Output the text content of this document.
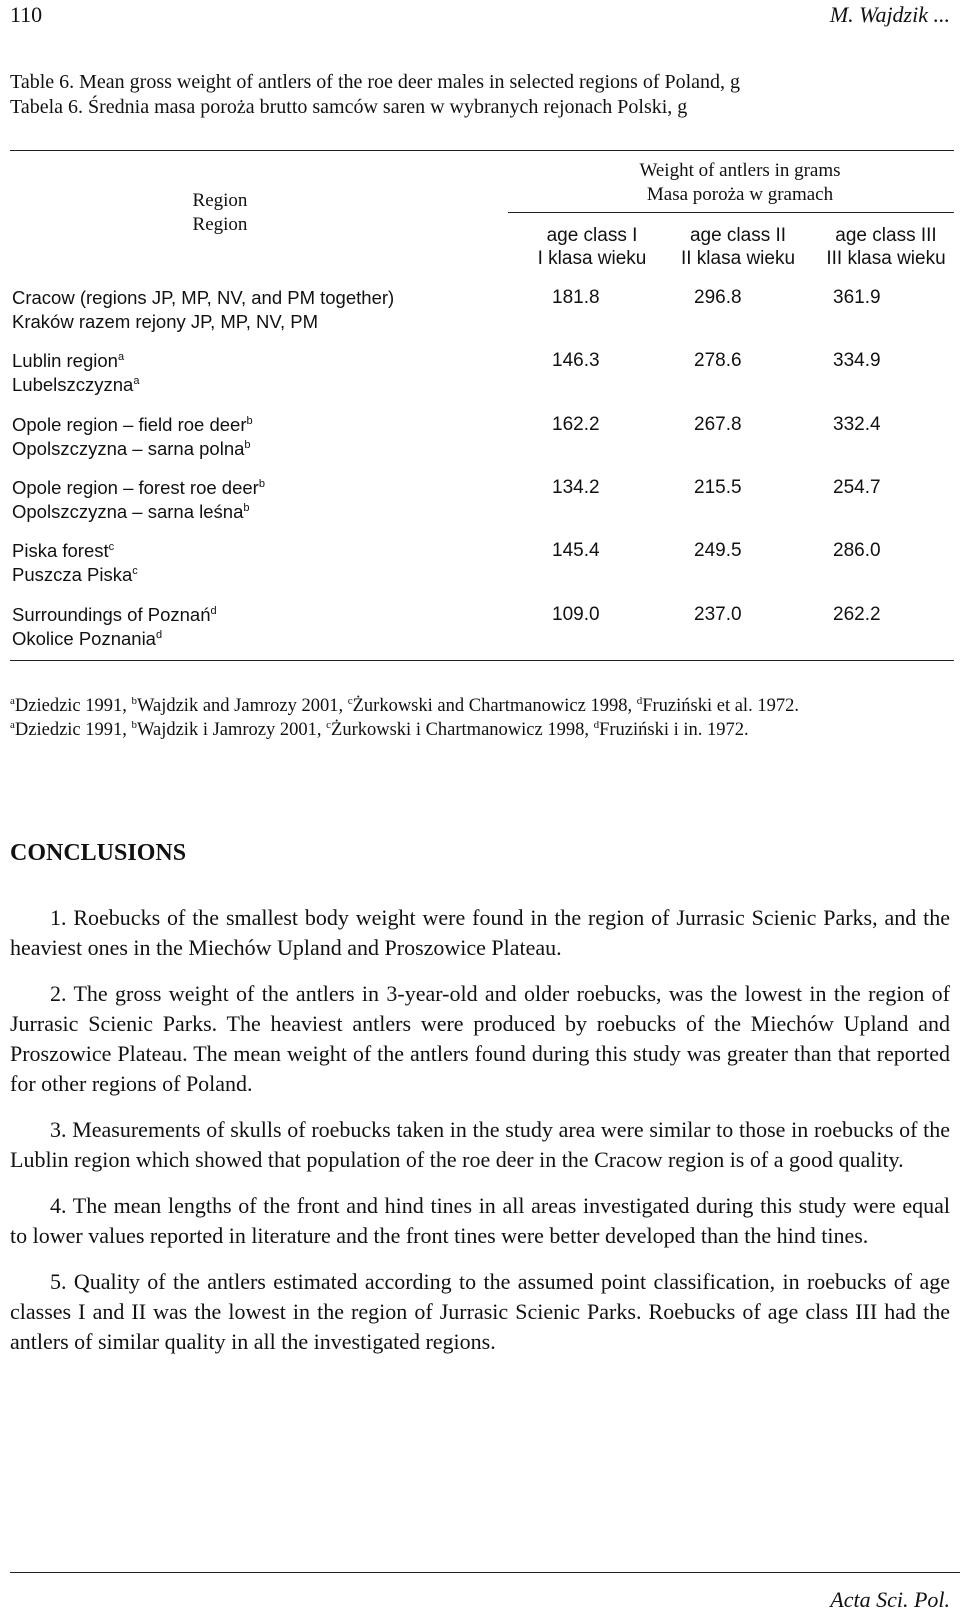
110	M. Wajdzik ...
Table 6. Mean gross weight of antlers of the roe deer males in selected regions of Poland, g
Tabela 6. Średnia masa poroża brutto samców saren w wybranych rejonach Polski, g
Region
Region
Weight of antlers in grams
Masa poroża w gramach
age class I
I klasa wieku
age class II
II klasa wieku
age class III
III klasa wieku
Cracow (regions JP, MP, NV, and PM together)
Kraków razem rejony JP, MP, NV, PM
181.8	296.8	361.9
Lublin region$^a$
Lubelszczyzna$^a$
146.3	278.6	334.9
Opole region – field roe deer$^b$
Opolszczyzna – sarna polna$^b$
162.2	267.8	332.4
Opole region – forest roe deer$^b$
Opolszczyzna – sarna leśna$^b$
134.2	215.5	254.7
Piska forest$^c$
Puszcza Piska$^c$
145.4	249.5	286.0
Surroundings of Poznań$^d$
Okolice Poznania$^d$
109.0	237.0	262.2
$^a$Dziedzic 1991, $^b$Wajdzik and Jamrozy 2001, $^c$Żurkowski and Chartmanowicz 1998, $^d$Fruziński et al. 1972.
$^a$Dziedzic 1991, $^b$Wajdzik i Jamrozy 2001, $^c$Żurkowski i Chartmanowicz 1998, $^d$Fruziński i in. 1972.
CONCLUSIONS

1. Roebucks of the smallest body weight were found in the region of Jurrasic Scienic Parks, and the heaviest ones in the Miechów Upland and Proszowice Plateau.

2. The gross weight of the antlers in 3-year-old and older roebucks, was the lowest in the region of Jurrasic Scienic Parks. The heaviest antlers were produced by roebucks of the Miechów Upland and Proszowice Plateau. The mean weight of the antlers found during this study was greater than that reported for other regions of Poland.

3. Measurements of skulls of roebucks taken in the study area were similar to those in roebucks of the Lublin region which showed that population of the roe deer in the Cracow region is of a good quality.

4. The mean lengths of the front and hind tines in all areas investigated during this study were equal to lower values reported in literature and the front tines were better developed than the hind tines.

5. Quality of the antlers estimated according to the assumed point classification, in roebucks of age classes I and II was the lowest in the region of Jurrasic Scienic Parks. Roebucks of age class III had the antlers of similar quality in all the investigated regions.

Acta Sci. Pol.
